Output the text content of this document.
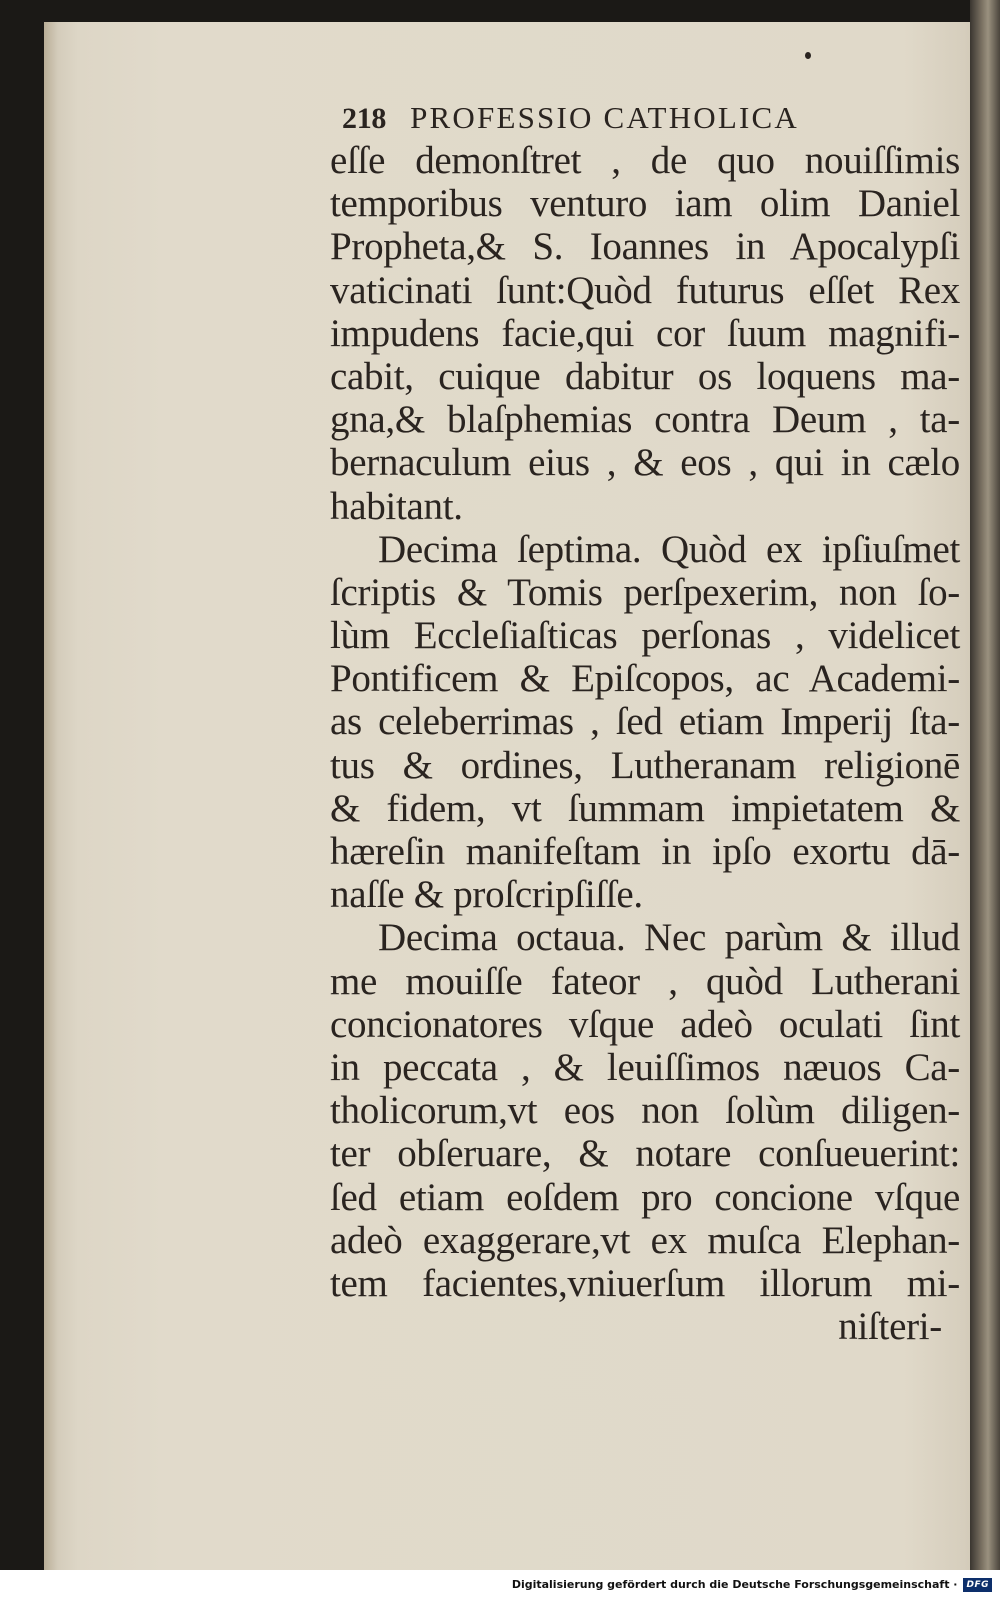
218 PROFESSIO CATHOLICA
eſſe demonſtret , de quo nouiſſimis
temporibus venturo iam olim Daniel
Propheta,& S. Ioannes in Apocalypſi
vaticinati ſunt:Quòd futurus eſſet Rex
impudens facie,qui cor ſuum magnifi-
cabit, cuique dabitur os loquens ma-
gna,& blaſphemias contra Deum , ta-
bernaculum eius , & eos , qui in cælo
habitant.
Decima ſeptima. Quòd ex ipſiuſmet
ſcriptis & Tomis perſpexerim, non ſo-
lùm Eccleſiaſticas perſonas , videlicet
Pontificem & Epiſcopos, ac Academi-
as celeberrimas , ſed etiam Imperij ſta-
tus & ordines, Lutheranam religionē
& fidem, vt ſummam impietatem &
hæreſin manifeſtam in ipſo exortu dā-
naſſe & proſcripſiſſe.
Decima octaua. Nec parùm & illud
me mouiſſe fateor , quòd Lutherani
concionatores vſque adeò oculati ſint
in peccata , & leuiſſimos næuos Ca-
tholicorum,vt eos non ſolùm diligen-
ter obſeruare, & notare conſueuerint:
ſed etiam eoſdem pro concione vſque
adeò exaggerare,vt ex muſca Elephan-
tem facientes,vniuerſum illorum mi-
niſteri-
Digitalisierung gefördert durch die Deutsche Forschungsgemeinschaft ·	DFG
